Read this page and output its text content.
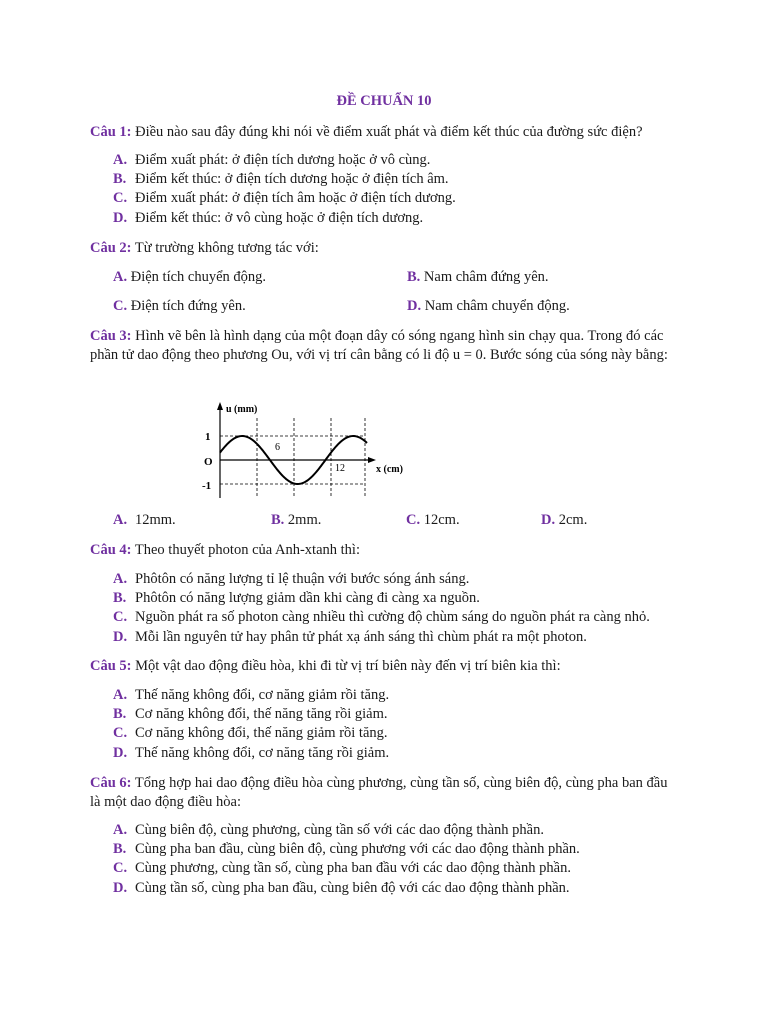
ĐỀ CHUẨN 10
Câu 1: Điều nào sau đây đúng khi nói về điểm xuất phát và điểm kết thúc của đường sức điện?
A. Điểm xuất phát: ở điện tích dương hoặc ở vô cùng.
B. Điểm kết thúc: ở điện tích dương hoặc ở điện tích âm.
C. Điểm xuất phát: ở điện tích âm hoặc ở điện tích dương.
D. Điểm kết thúc: ở vô cùng hoặc ở điện tích dương.
Câu 2: Từ trường không tương tác với:
A. Điện tích chuyển động.	B. Nam châm đứng yên.
C. Điện tích đứng yên.	D. Nam châm chuyển động.
Câu 3: Hình vẽ bên là hình dạng của một đoạn dây có sóng ngang hình sin chạy qua. Trong đó các phần tử dao động theo phương Ou, với vị trí cân bằng có li độ u = 0. Bước sóng của sóng này bằng:
u (mm)
x (cm)
1
O
-1
6
12
A. 12mm.	B. 2mm.	C. 12cm.	D. 2cm.
Câu 4: Theo thuyết photon của Anh-xtanh thì:
A. Phôtôn có năng lượng tỉ lệ thuận với bước sóng ánh sáng.
B. Phôtôn có năng lượng giảm dần khi càng đi càng xa nguồn.
C. Nguồn phát ra số photon càng nhiều thì cường độ chùm sáng do nguồn phát ra càng nhỏ.
D. Mỗi lần nguyên tử hay phân tử phát xạ ánh sáng thì chùm phát ra một photon.
Câu 5: Một vật dao động điều hòa, khi đi từ vị trí biên này đến vị trí biên kia thì:
A. Thế năng không đổi, cơ năng giảm rồi tăng.
B. Cơ năng không đổi, thế năng tăng rồi giảm.
C. Cơ năng không đổi, thế năng giảm rồi tăng.
D. Thế năng không đổi, cơ năng tăng rồi giảm.
Câu 6: Tổng hợp hai dao động điều hòa cùng phương, cùng tần số, cùng biên độ, cùng pha ban đầu là một dao động điều hòa:
A. Cùng biên độ, cùng phương, cùng tần số với các dao động thành phần.
B. Cùng pha ban đầu, cùng biên độ, cùng phương với các dao động thành phần.
C. Cùng phương, cùng tần số, cùng pha ban đầu với các dao động thành phần.
D. Cùng tần số, cùng pha ban đầu, cùng biên độ với các dao động thành phần.
